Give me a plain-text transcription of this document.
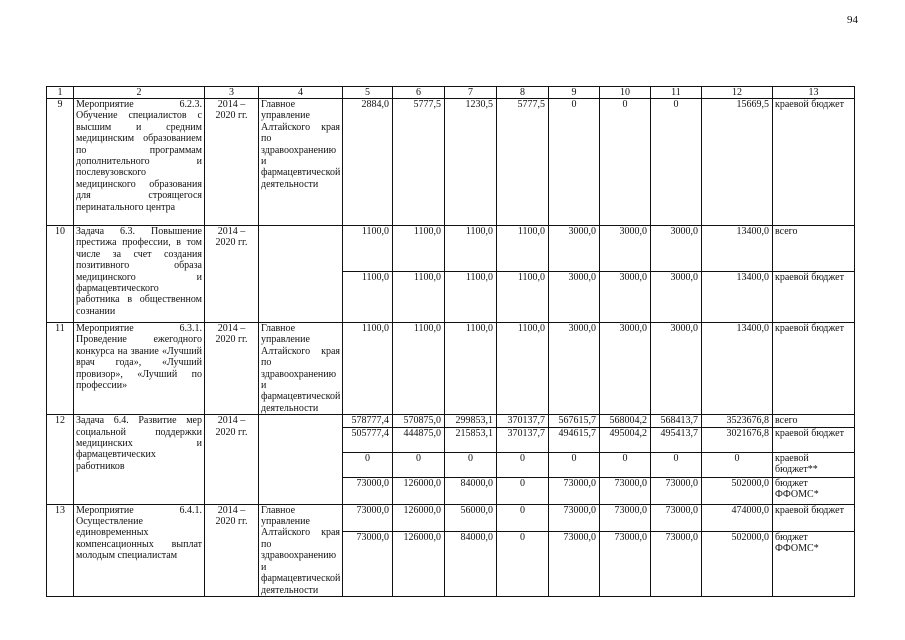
94
1	2	3	4	5	6	7	8	9	10	11	12	13
9	Мероприятие 6.2.3. Обучение специалистов с высшим и средним медицинским образованием по программам дополнительного и послевузовского медицинского образования для строящегося перинатального центра	2014 – 2020 гг.	Главное управление Алтайского края по здравоохранению и фармацевтической деятельности	2884,0	5777,5	1230,5	5777,5	0	0	0	15669,5	краевой бюджет
10	Задача 6.3. Повышение престижа профессии, в том числе за счет создания позитивного образа медицинского и фармацевтического работника в общественном сознании	2014 – 2020 гг.		1100,0	1100,0	1100,0	1100,0	3000,0	3000,0	3000,0	13400,0	всего
				1100,0	1100,0	1100,0	1100,0	3000,0	3000,0	3000,0	13400,0	краевой бюджет
11	Мероприятие 6.3.1. Проведение ежегодного конкурса на звание «Лучший врач года», «Лучший провизор», «Лучший по профессии»	2014 – 2020 гг.	Главное управление Алтайского края по здравоохранению и фармацевтической деятельности	1100,0	1100,0	1100,0	1100,0	3000,0	3000,0	3000,0	13400,0	краевой бюджет
12	Задача 6.4. Развитие мер социальной поддержки медицинских и фармацевтических работников	2014 – 2020 гг.		578777,4	570875,0	299853,1	370137,7	567615,7	568004,2	568413,7	3523676,8	всего
				505777,4	444875,0	215853,1	370137,7	494615,7	495004,2	495413,7	3021676,8	краевой бюджет
				0	0	0	0	0	0	0	0	краевой бюджет**
				73000,0	126000,0	84000,0	0	73000,0	73000,0	73000,0	502000,0	бюджет ФФОМС*
13	Мероприятие 6.4.1. Осуществление единовременных компенсационных выплат молодым специалистам	2014 – 2020 гг.	Главное управление Алтайского края по здравоохранению и фармацевтической деятельности	73000,0	126000,0	56000,0	0	73000,0	73000,0	73000,0	474000,0	краевой бюджет
				73000,0	126000,0	84000,0	0	73000,0	73000,0	73000,0	502000,0	бюджет ФФОМС*
